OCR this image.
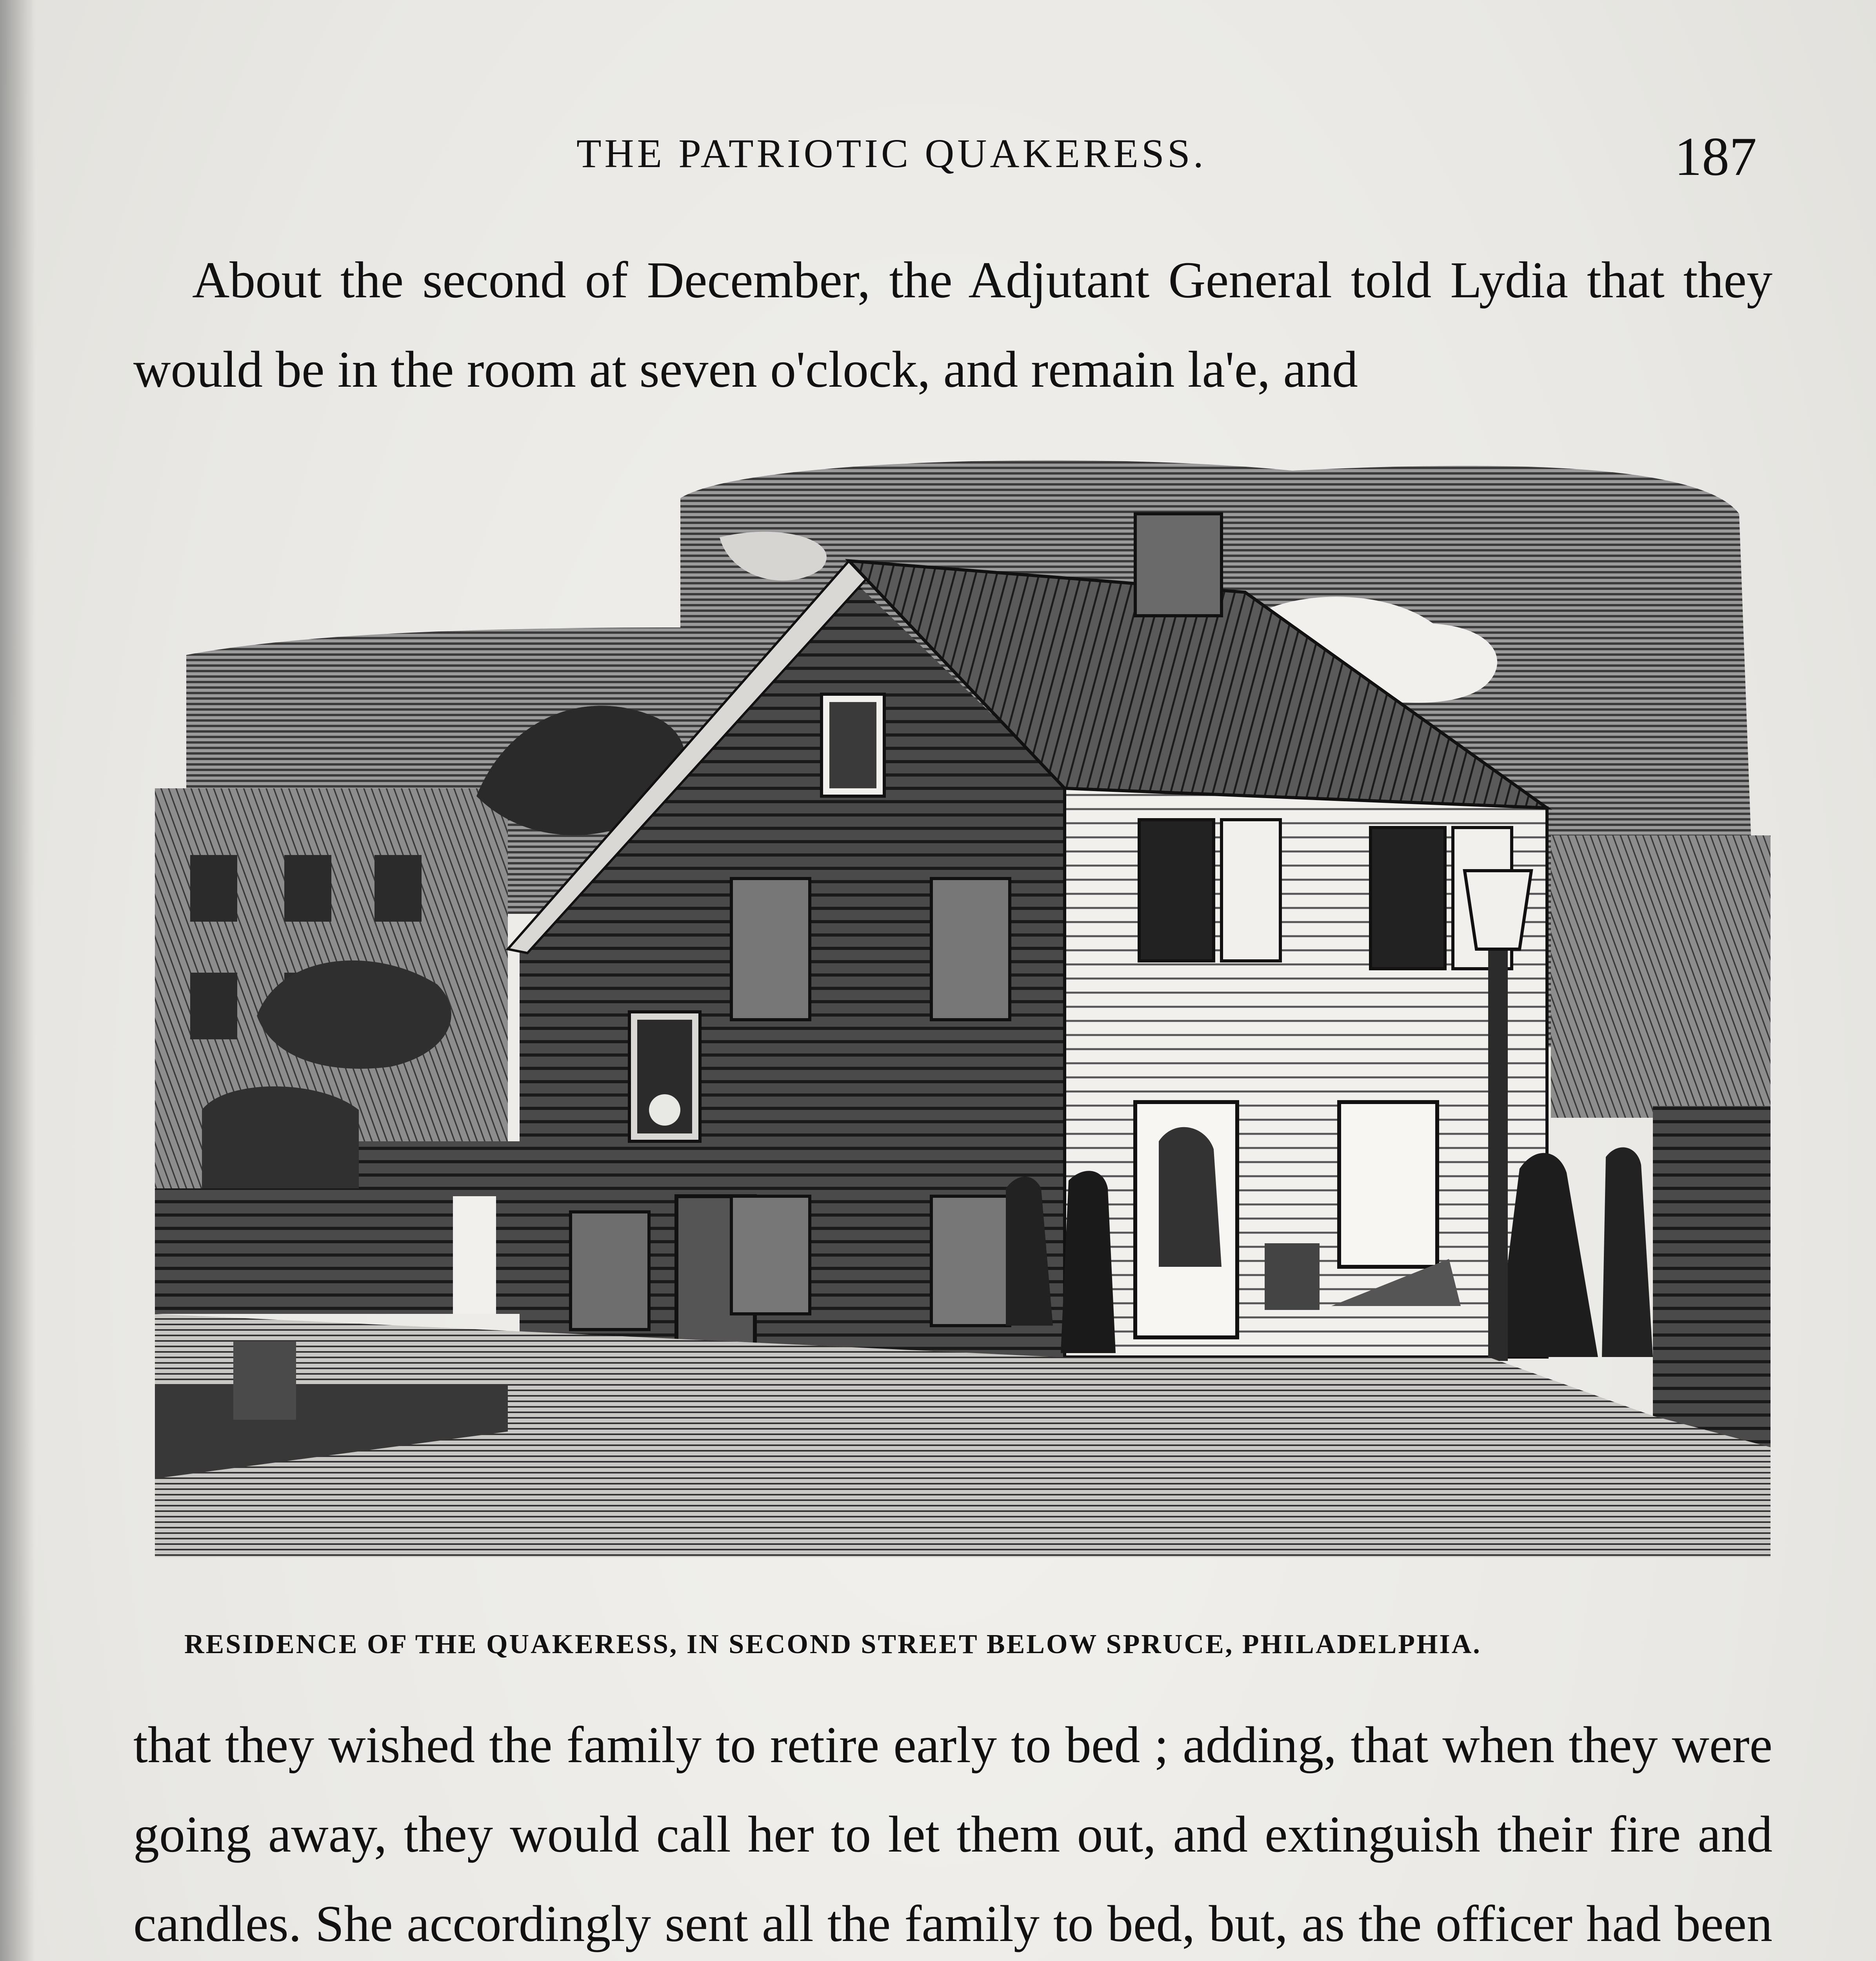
THE PATRIOTIC QUAKERESS.	187

About the second of December, the Adjutant General told Lydia that they would be in the room at seven o'clock, and remain la'e, and

RESIDENCE OF THE QUAKERESS, IN SECOND STREET BELOW SPRUCE, PHILADELPHIA.

that they wished the family to retire early to bed ; adding, that when they were going away, they would call her to let them out, and extinguish their fire and candles. She accordingly sent all the family to bed, but, as the officer had been
